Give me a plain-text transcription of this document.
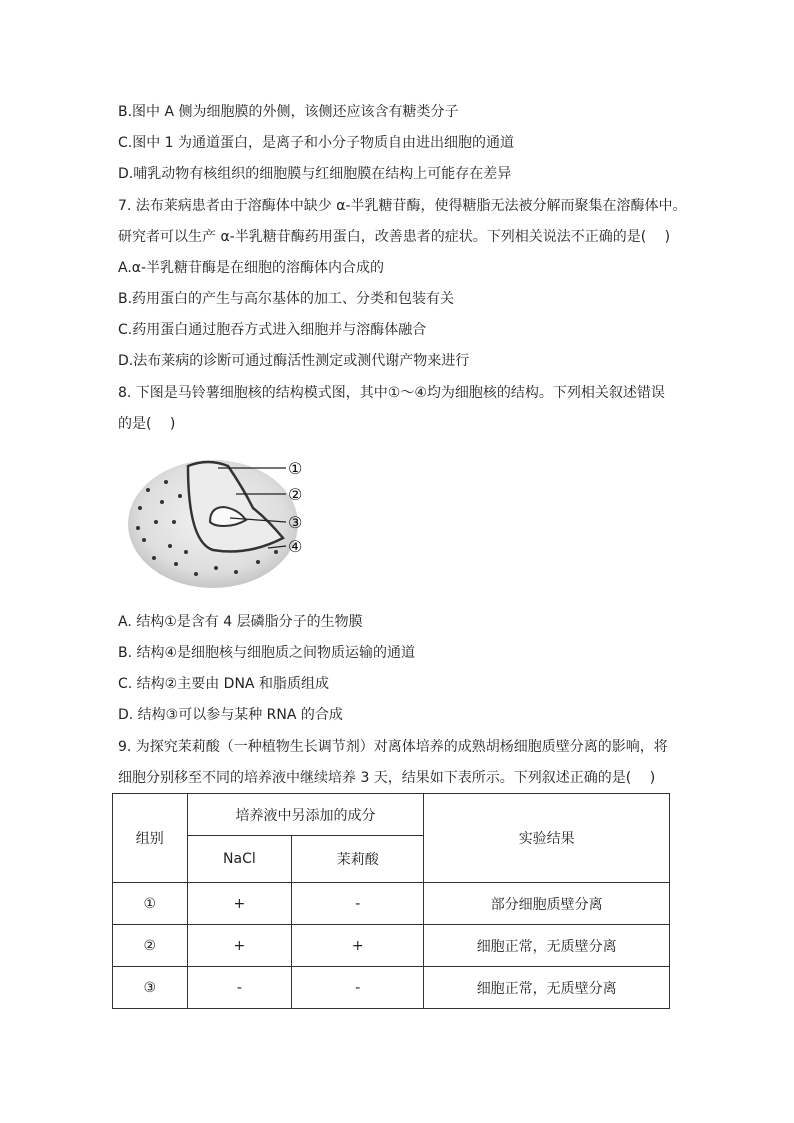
B.图中 A 侧为细胞膜的外侧，该侧还应该含有糖类分子
C.图中 1 为通道蛋白，是离子和小分子物质自由进出细胞的通道
D.哺乳动物有核组织的细胞膜与红细胞膜在结构上可能存在差异
7. 法布莱病患者由于溶酶体中缺少 α-半乳糖苷酶，使得糖脂无法被分解而聚集在溶酶体中。
研究者可以生产 α-半乳糖苷酶药用蛋白，改善患者的症状。下列相关说法不正确的是(　 )
A.α-半乳糖苷酶是在细胞的溶酶体内合成的
B.药用蛋白的产生与高尔基体的加工、分类和包装有关
C.药用蛋白通过胞吞方式进入细胞并与溶酶体融合
D.法布莱病的诊断可通过酶活性测定或测代谢产物来进行
8. 下图是马铃薯细胞核的结构模式图，其中①～④均为细胞核的结构。下列相关叙述错误
的是(　 )
①
②
③
④
A. 结构①是含有 4 层磷脂分子的生物膜
B. 结构④是细胞核与细胞质之间物质运输的通道
C. 结构②主要由 DNA 和脂质组成
D. 结构③可以参与某种 RNA 的合成
9. 为探究茉莉酸（一种植物生长调节剂）对离体培养的成熟胡杨细胞质壁分离的影响，将
细胞分别移至不同的培养液中继续培养 3 天，结果如下表所示。下列叙述正确的是(　 )
组别	培养液中另添加的成分		实验结果
	NaCl	茉莉酸	
①	+	-	部分细胞质壁分离
②	+	+	细胞正常，无质壁分离
③	-	-	细胞正常，无质壁分离
